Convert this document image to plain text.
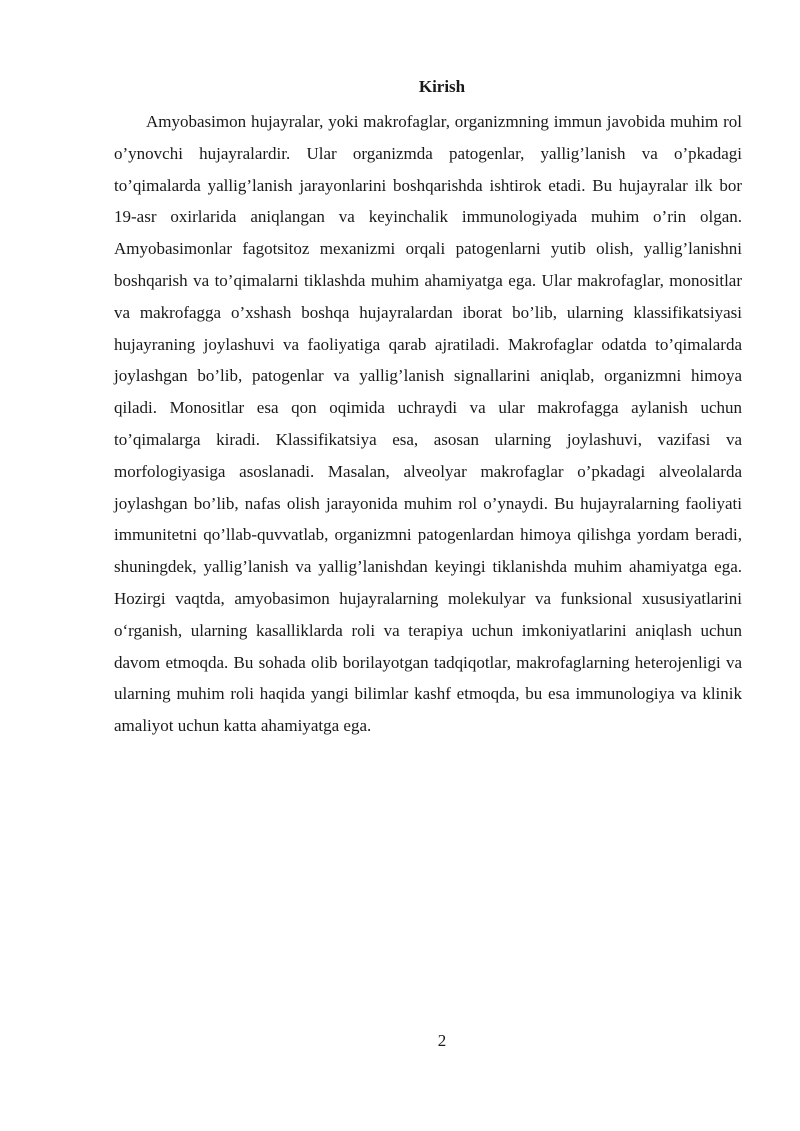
Kirish

Amyobasimon hujayralar, yoki makrofaglar, organizmning immun javobida muhim rol o’ynovchi hujayralardir. Ular organizmda patogenlar, yallig’lanish va o’pkadagi to’qimalarda yallig’lanish jarayonlarini boshqarishda ishtirok etadi. Bu hujayralar ilk bor 19-asr oxirlarida aniqlangan va keyinchalik immunologiyada muhim o’rin olgan. Amyobasimonlar fagotsitoz mexanizmi orqali patogenlarni yutib olish, yallig’lanishni boshqarish va to’qimalarni tiklashda muhim ahamiyatga ega. Ular makrofaglar, monositlar va makrofagga o’xshash boshqa hujayralardan iborat bo’lib, ularning klassifikatsiyasi hujayraning joylashuvi va faoliyatiga qarab ajratiladi. Makrofaglar odatda to’qimalarda joylashgan bo’lib, patogenlar va yallig’lanish signallarini aniqlab, organizmni himoya qiladi. Monositlar esa qon oqimida uchraydi va ular makrofagga aylanish uchun to’qimalarga kiradi. Klassifikatsiya esa, asosan ularning joylashuvi, vazifasi va morfologiyasiga asoslanadi. Masalan, alveolyar makrofaglar o’pkadagi alveolalarda joylashgan bo’lib, nafas olish jarayonida muhim rol o’ynaydi. Bu hujayralarning faoliyati immunitetni qo’llab-quvvatlab, organizmni patogenlardan himoya qilishga yordam beradi, shuningdek, yallig’lanish va yallig’lanishdan keyingi tiklanishda muhim ahamiyatga ega. Hozirgi vaqtda, amyobasimon hujayralarning molekulyar va funksional xususiyatlarini o‘rganish, ularning kasalliklarda roli va terapiya uchun imkoniyatlarini aniqlash uchun davom etmoqda. Bu sohada olib borilayotgan tadqiqotlar, makrofaglarning heterojenligi va ularning muhim roli haqida yangi bilimlar kashf etmoqda, bu esa immunologiya va klinik amaliyot uchun katta ahamiyatga ega.

2
